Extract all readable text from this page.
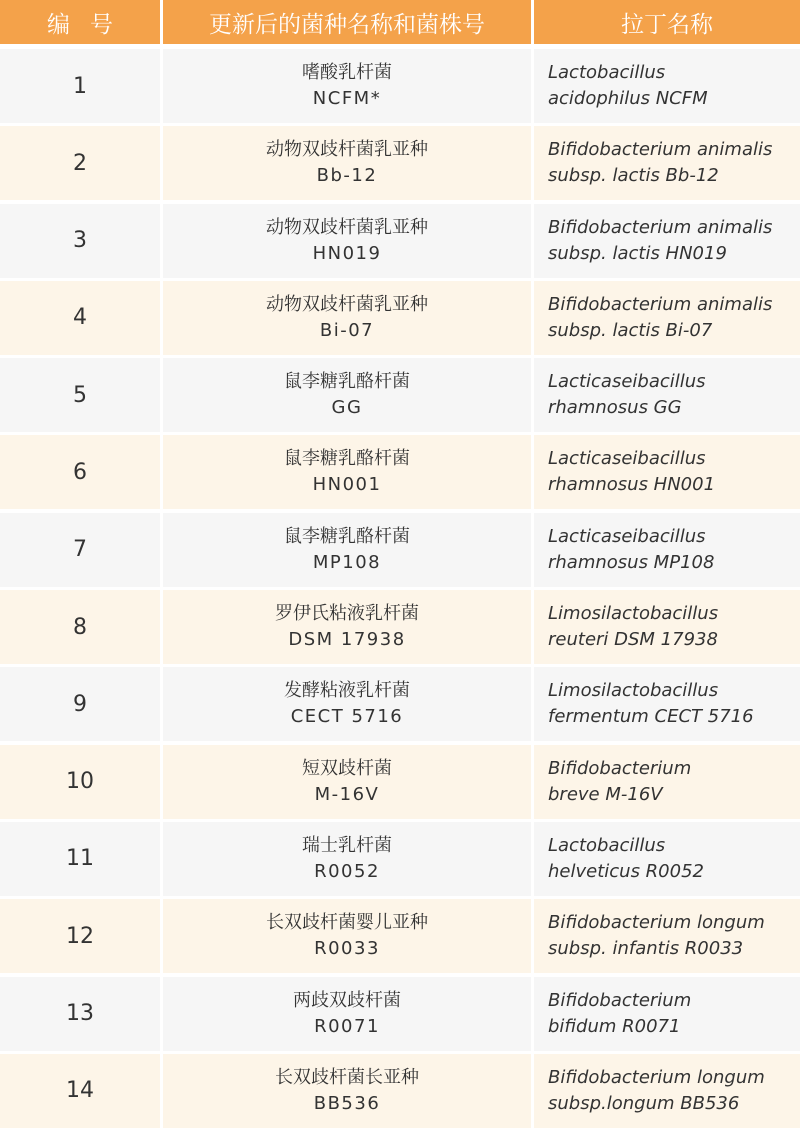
编号	更新后的菌种名称和菌株号	拉丁名称
1
嗜酸乳杆菌
NCFM*
Lactobacillus
acidophilus NCFM
2
动物双歧杆菌乳亚种
Bb-12
Bifidobacterium animalis
subsp. lactis Bb-12
3
动物双歧杆菌乳亚种
HN019
Bifidobacterium animalis
subsp. lactis HN019
4
动物双歧杆菌乳亚种
Bi-07
Bifidobacterium animalis
subsp. lactis Bi-07
5
鼠李糖乳酪杆菌
GG
Lacticaseibacillus
rhamnosus GG
6
鼠李糖乳酪杆菌
HN001
Lacticaseibacillus
rhamnosus HN001
7
鼠李糖乳酪杆菌
MP108
Lacticaseibacillus
rhamnosus MP108
8
罗伊氏粘液乳杆菌
DSM 17938
Limosilactobacillus
reuteri DSM 17938
9
发酵粘液乳杆菌
CECT 5716
Limosilactobacillus
fermentum CECT 5716
10
短双歧杆菌
M-16V
Bifidobacterium
breve M-16V
11
瑞士乳杆菌
R0052
Lactobacillus
helveticus R0052
12
长双歧杆菌婴儿亚种
R0033
Bifidobacterium longum
subsp. infantis R0033
13
两歧双歧杆菌
R0071
Bifidobacterium
bifidum R0071
14
长双歧杆菌长亚种
BB536
Bifidobacterium longum
subsp.longum BB536
